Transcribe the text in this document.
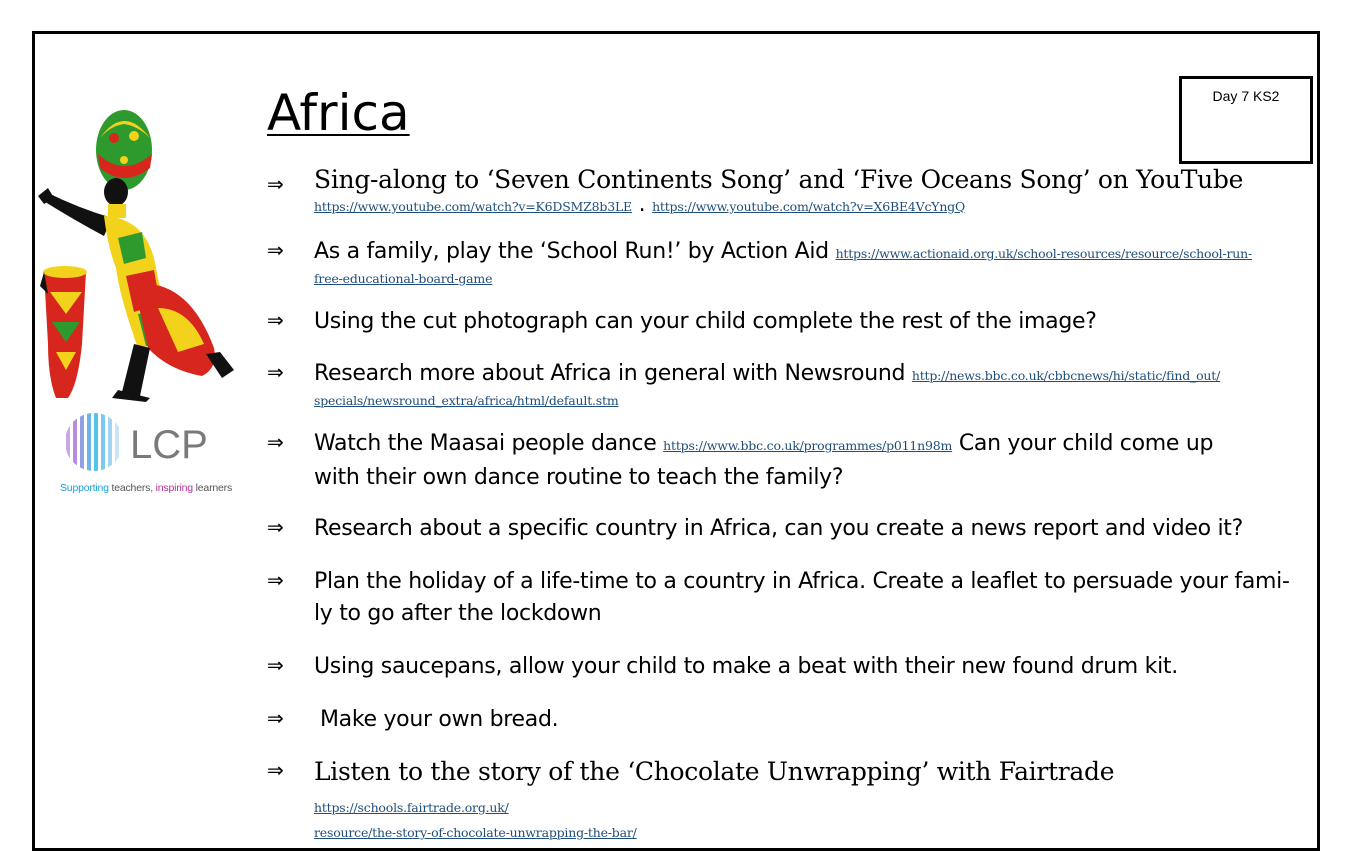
Day 7 KS2
Africa
LCP
Supporting teachers, inspiring learners
⇒ Sing-along to ‘Seven Continents Song’ and ‘Five Oceans Song’ on YouTube
https://www.youtube.com/watch?v=K6DSMZ8b3LE . https://www.youtube.com/watch?v=X6BE4VcYngQ
⇒ As a family, play the ‘School Run!’ by Action Aid https://www.actionaid.org.uk/school-resources/resource/school-run-
free-educational-board-game
⇒ Using the cut photograph can your child complete the rest of the image?
⇒ Research more about Africa in general with Newsround http://news.bbc.co.uk/cbbcnews/hi/static/find_out/
specials/newsround_extra/africa/html/default.stm
⇒ Watch the Maasai people dance https://www.bbc.co.uk/programmes/p011n98m Can your child come up
with their own dance routine to teach the family?
⇒ Research about a specific country in Africa, can you create a news report and video it?
⇒ Plan the holiday of a life-time to a country in Africa. Create a leaflet to persuade your fami-
ly to go after the lockdown
⇒ Using saucepans, allow your child to make a beat with their new found drum kit.
⇒ Make your own bread.
⇒ Listen to the story of the ‘Chocolate Unwrapping’ with Fairtrade https://schools.fairtrade.org.uk/
resource/the-story-of-chocolate-unwrapping-the-bar/
